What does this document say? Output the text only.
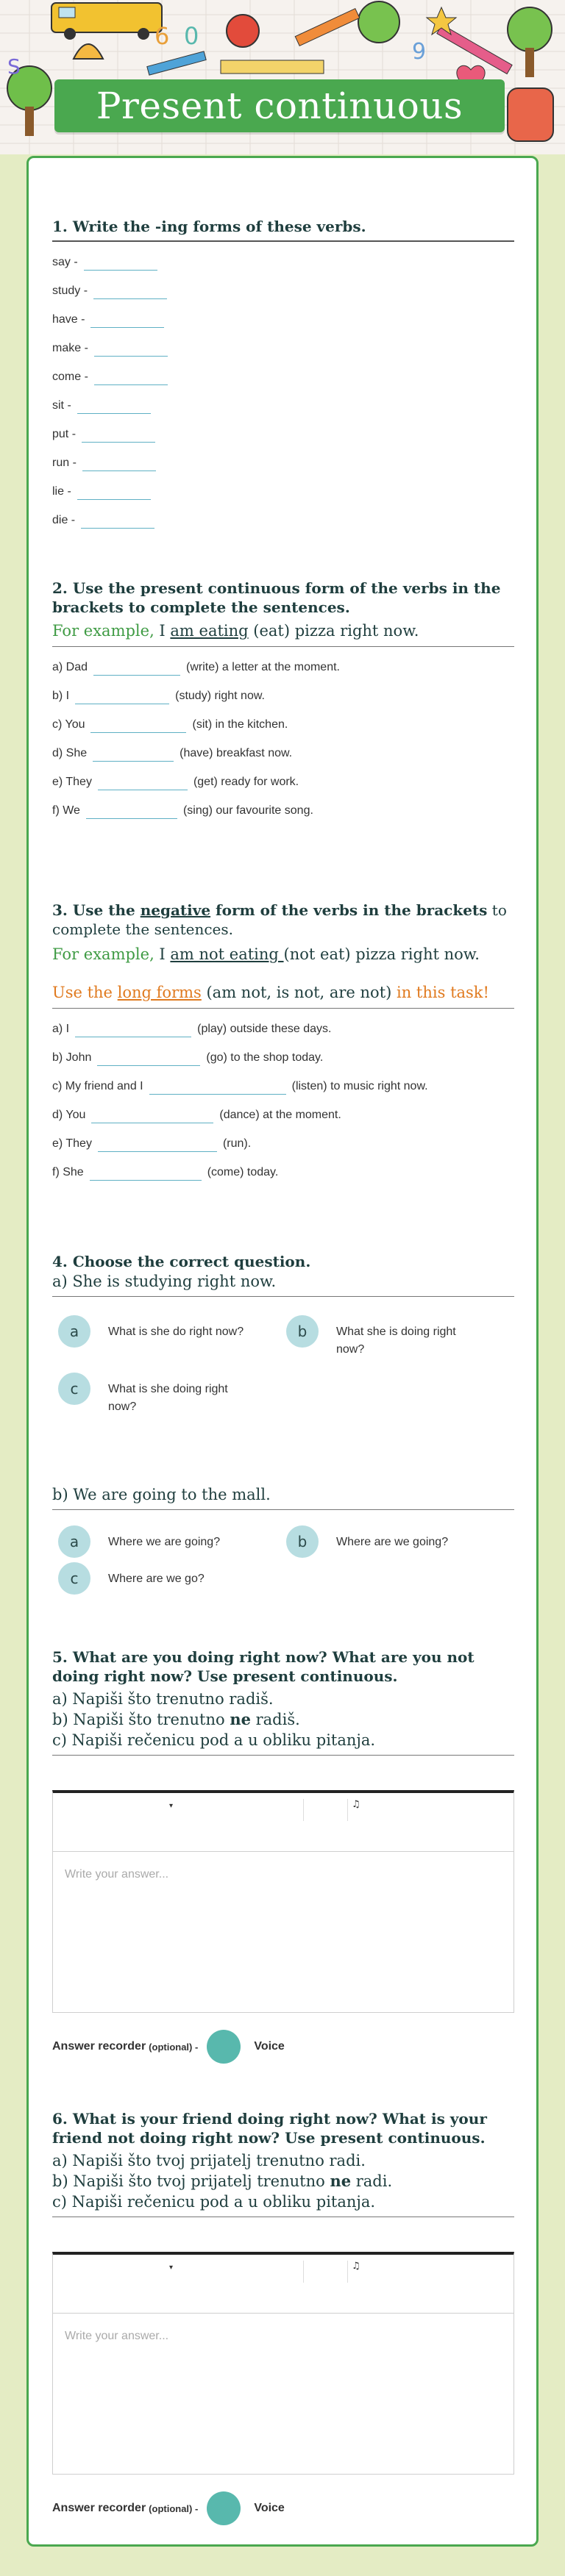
6 0
9
S
Present continuous
1. Write the -ing forms of these verbs.
say -
study -
have -
make -
come -
sit -
put -
run -
lie -
die -
2. Use the present continuous form of the verbs in the brackets to complete the sentences.
For example, I am eating (eat) pizza right now.
a) Dad	(write) a letter at the moment.
b) I	(study) right now.
c) You	(sit) in the kitchen.
d) She	(have) breakfast now.
e) They	(get) ready for work.
f) We	(sing) our favourite song.
3. Use the negative form of the verbs in the brackets to
complete the sentences.
For example, I am not eating (not eat) pizza right now.
Use the long forms (am not, is not, are not) in this task!
a) I	(play) outside these days.
b) John	(go) to the shop today.
c) My friend and I	(listen) to music right now.
d) You	(dance) at the moment.
e) They	(run).
f) She	(come) today.
4. Choose the correct question.
a) She is studying right now.
a	What is she do right now?	b	What she is doing right now?
c	What is she doing right now?
b) We are going to the mall.
a	Where we are going?	b	Where are we going?
c	Where are we go?
5. What are you doing right now? What are you not doing right now? Use present continuous.
a) Napiši što trenutno radiš.
b) Napiši što trenutno ne radiš.
c) Napiši rečenicu pod a u obliku pitanja.
▾	♫
Write your answer...
Answer recorder (optional) -	Voice
6. What is your friend doing right now? What is your friend not doing right now? Use present continuous.
a) Napiši što tvoj prijatelj trenutno radi.
b) Napiši što tvoj prijatelj trenutno ne radi.
c) Napiši rečenicu pod a u obliku pitanja.
▾	♫
Write your answer...
Answer recorder (optional) -	Voice
